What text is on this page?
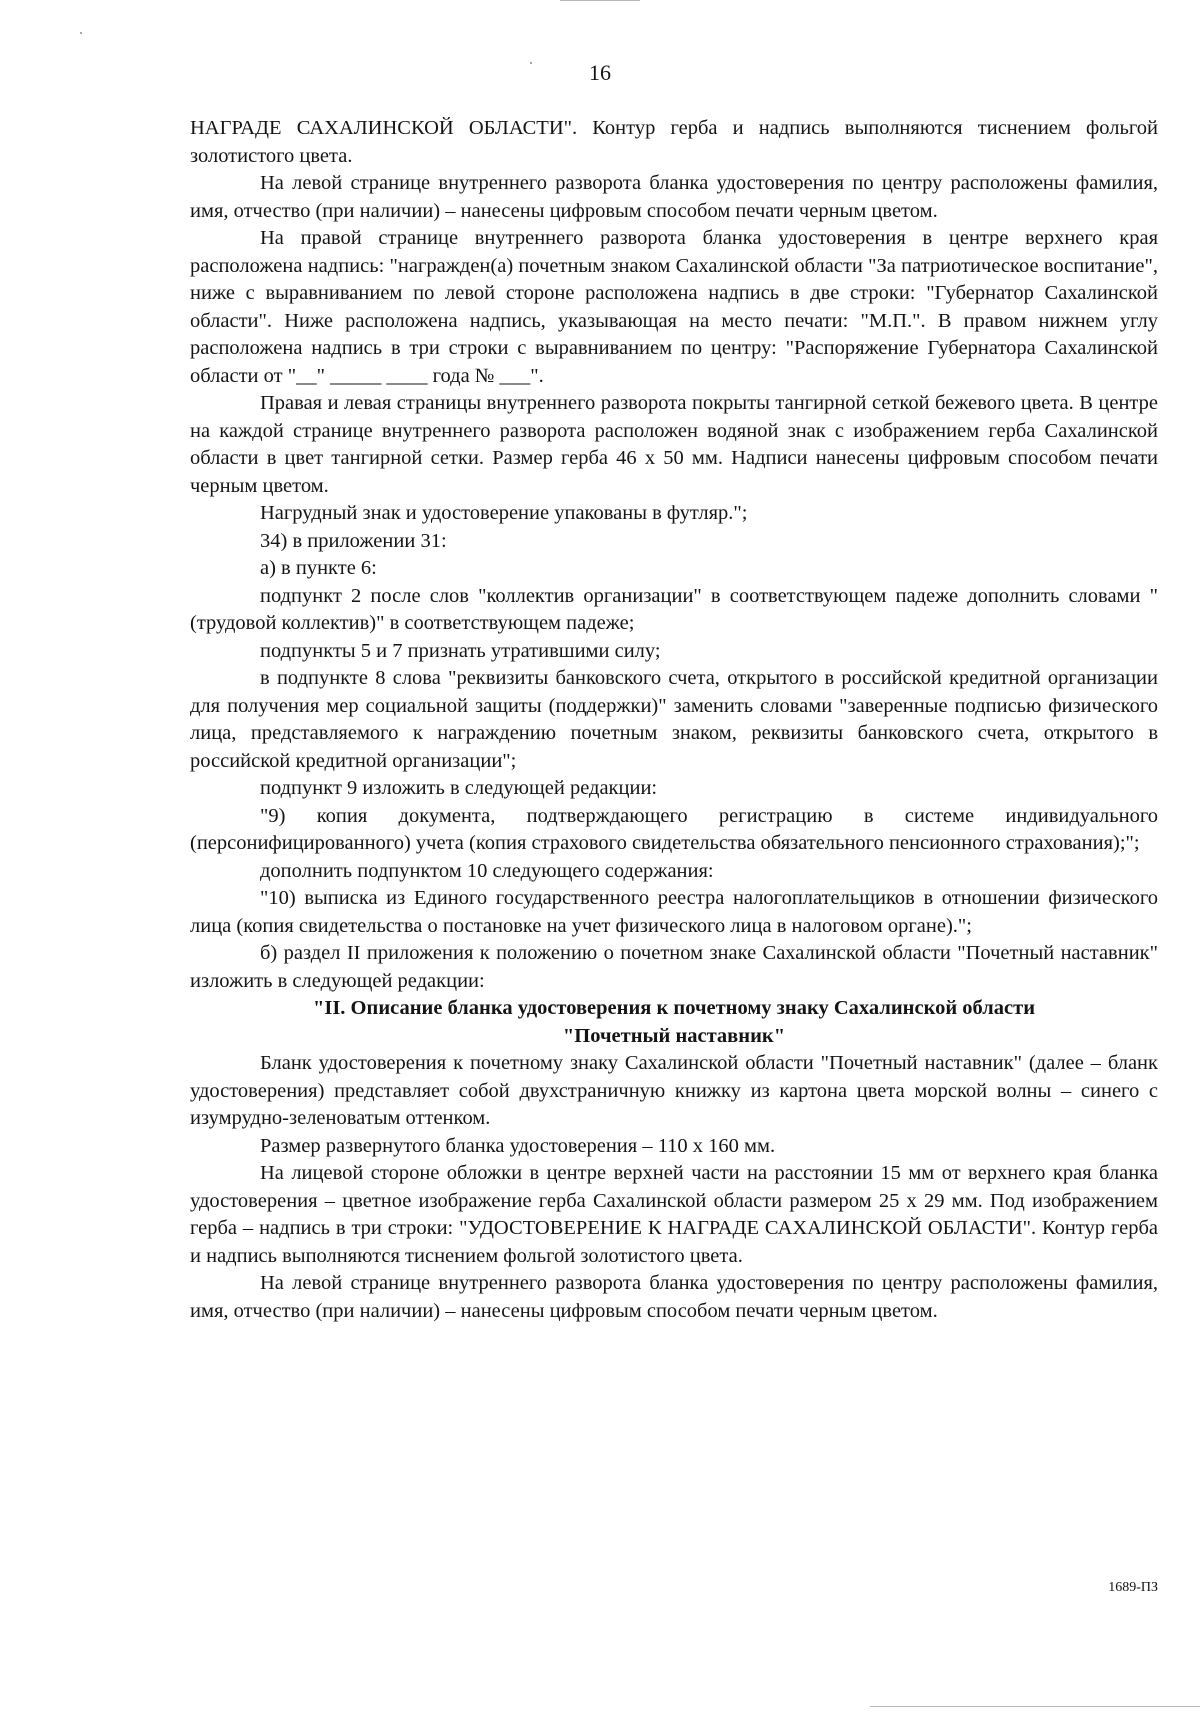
16

НАГРАДЕ САХАЛИНСКОЙ ОБЛАСТИ". Контур герба и надпись выполняются тиснением фольгой золотистого цвета.

На левой странице внутреннего разворота бланка удостоверения по центру расположены фамилия, имя, отчество (при наличии) – нанесены цифровым способом печати черным цветом.

На правой странице внутреннего разворота бланка удостоверения в центре верхнего края расположена надпись: "награжден(а) почетным знаком Сахалинской области "За патриотическое воспитание", ниже с выравниванием по левой стороне расположена надпись в две строки: "Губернатор Сахалинской области". Ниже расположена надпись, указывающая на место печати: "М.П.". В правом нижнем углу расположена надпись в три строки с выравниванием по центру: "Распоряжение Губернатора Сахалинской области от "__" _____ ____ года № ___".

Правая и левая страницы внутреннего разворота покрыты тангирной сеткой бежевого цвета. В центре на каждой странице внутреннего разворота расположен водяной знак с изображением герба Сахалинской области в цвет тангирной сетки. Размер герба 46 х 50 мм. Надписи нанесены цифровым способом печати черным цветом.

Нагрудный знак и удостоверение упакованы в футляр.";

34) в приложении 31:

а) в пункте 6:

подпункт 2 после слов "коллектив организации" в соответствующем падеже дополнить словами "(трудовой коллектив)" в соответствующем падеже;

подпункты 5 и 7 признать утратившими силу;

в подпункте 8 слова "реквизиты банковского счета, открытого в российской кредитной организации для получения мер социальной защиты (поддержки)" заменить словами "заверенные подписью физического лица, представляемого к награждению почетным знаком, реквизиты банковского счета, открытого в российской кредитной организации";

подпункт 9 изложить в следующей редакции:

"9) копия документа, подтверждающего регистрацию в системе индивидуального (персонифицированного) учета (копия страхового свидетельства обязательного пенсионного страхования);";

дополнить подпунктом 10 следующего содержания:

"10) выписка из Единого государственного реестра налогоплательщиков в отношении физического лица (копия свидетельства о постановке на учет физического лица в налоговом органе).";

б) раздел II приложения к положению о почетном знаке Сахалинской области "Почетный наставник" изложить в следующей редакции:

"II. Описание бланка удостоверения к почетному знаку Сахалинской области
"Почетный наставник"

Бланк удостоверения к почетному знаку Сахалинской области "Почетный наставник" (далее – бланк удостоверения) представляет собой двухстраничную книжку из картона цвета морской волны – синего с изумрудно-зеленоватым оттенком.

Размер развернутого бланка удостоверения – 110 х 160 мм.

На лицевой стороне обложки в центре верхней части на расстоянии 15 мм от верхнего края бланка удостоверения – цветное изображение герба Сахалинской области размером 25 х 29 мм. Под изображением герба – надпись в три строки: "УДОСТОВЕРЕНИЕ К НАГРАДЕ САХАЛИНСКОЙ ОБЛАСТИ". Контур герба и надпись выполняются тиснением фольгой золотистого цвета.

На левой странице внутреннего разворота бланка удостоверения по центру расположены фамилия, имя, отчество (при наличии) – нанесены цифровым способом печати черным цветом.

1689-ПЗ
